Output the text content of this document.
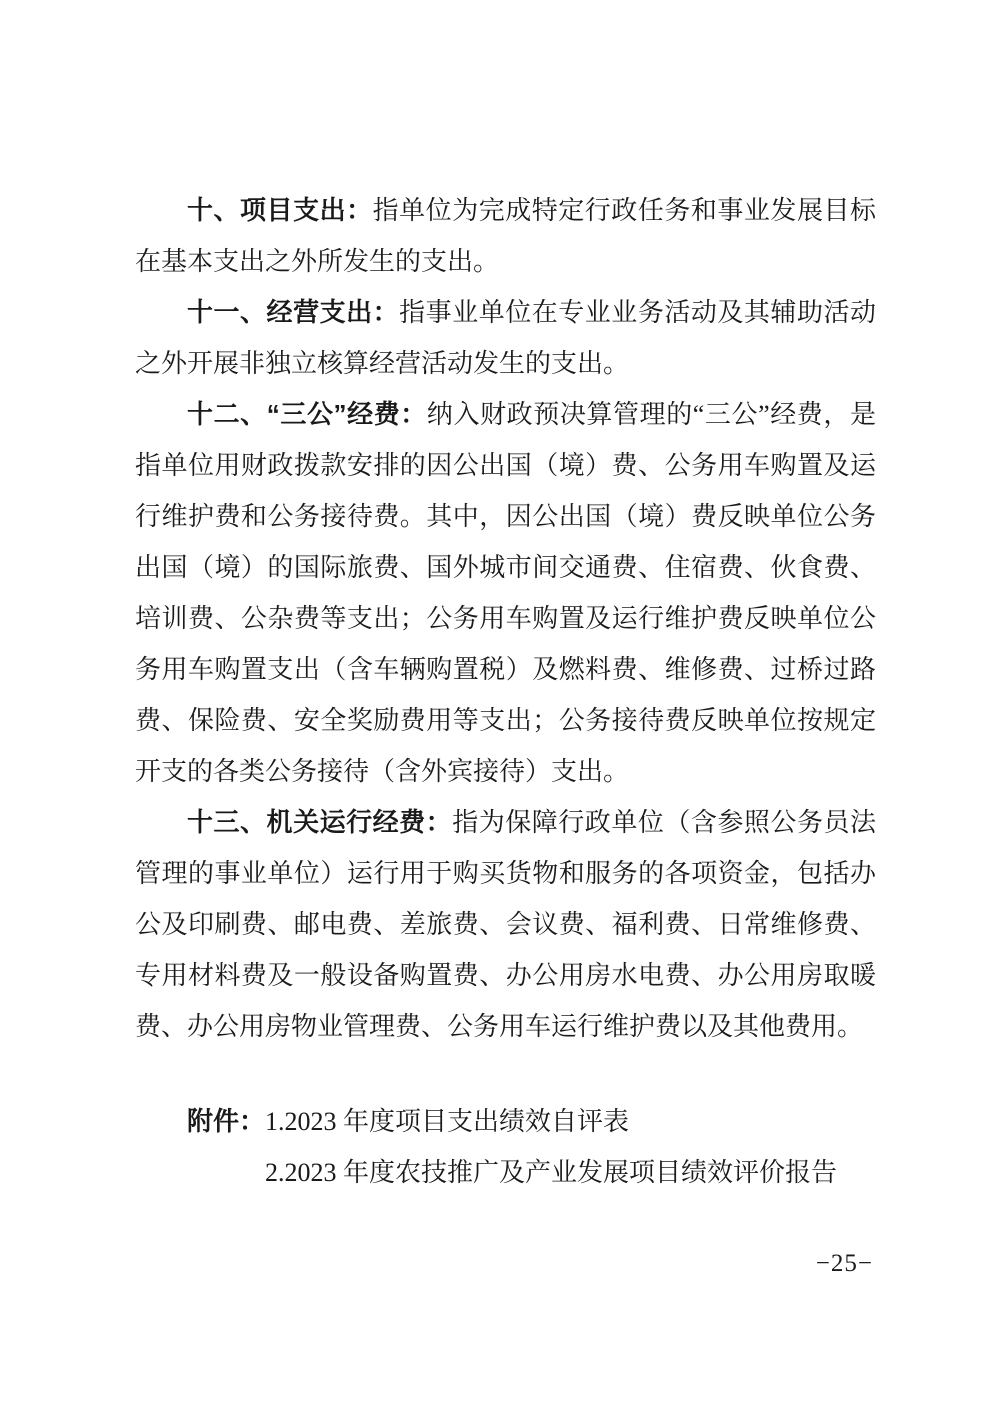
十、项目支出：指单位为完成特定行政任务和事业发展目标在基本支出之外所发生的支出。

十一、经营支出：指事业单位在专业业务活动及其辅助活动之外开展非独立核算经营活动发生的支出。

十二、“三公”经费：纳入财政预决算管理的“三公”经费，是指单位用财政拨款安排的因公出国（境）费、公务用车购置及运行维护费和公务接待费。其中，因公出国（境）费反映单位公务出国（境）的国际旅费、国外城市间交通费、住宿费、伙食费、培训费、公杂费等支出；公务用车购置及运行维护费反映单位公务用车购置支出（含车辆购置税）及燃料费、维修费、过桥过路费、保险费、安全奖励费用等支出；公务接待费反映单位按规定开支的各类公务接待（含外宾接待）支出。

十三、机关运行经费：指为保障行政单位（含参照公务员法管理的事业单位）运行用于购买货物和服务的各项资金，包括办公及印刷费、邮电费、差旅费、会议费、福利费、日常维修费、专用材料费及一般设备购置费、办公用房水电费、办公用房取暖费、办公用房物业管理费、公务用车运行维护费以及其他费用。

附件：1.2023 年度项目支出绩效自评表

2.2023 年度农技推广及产业发展项目绩效评价报告

−25−
